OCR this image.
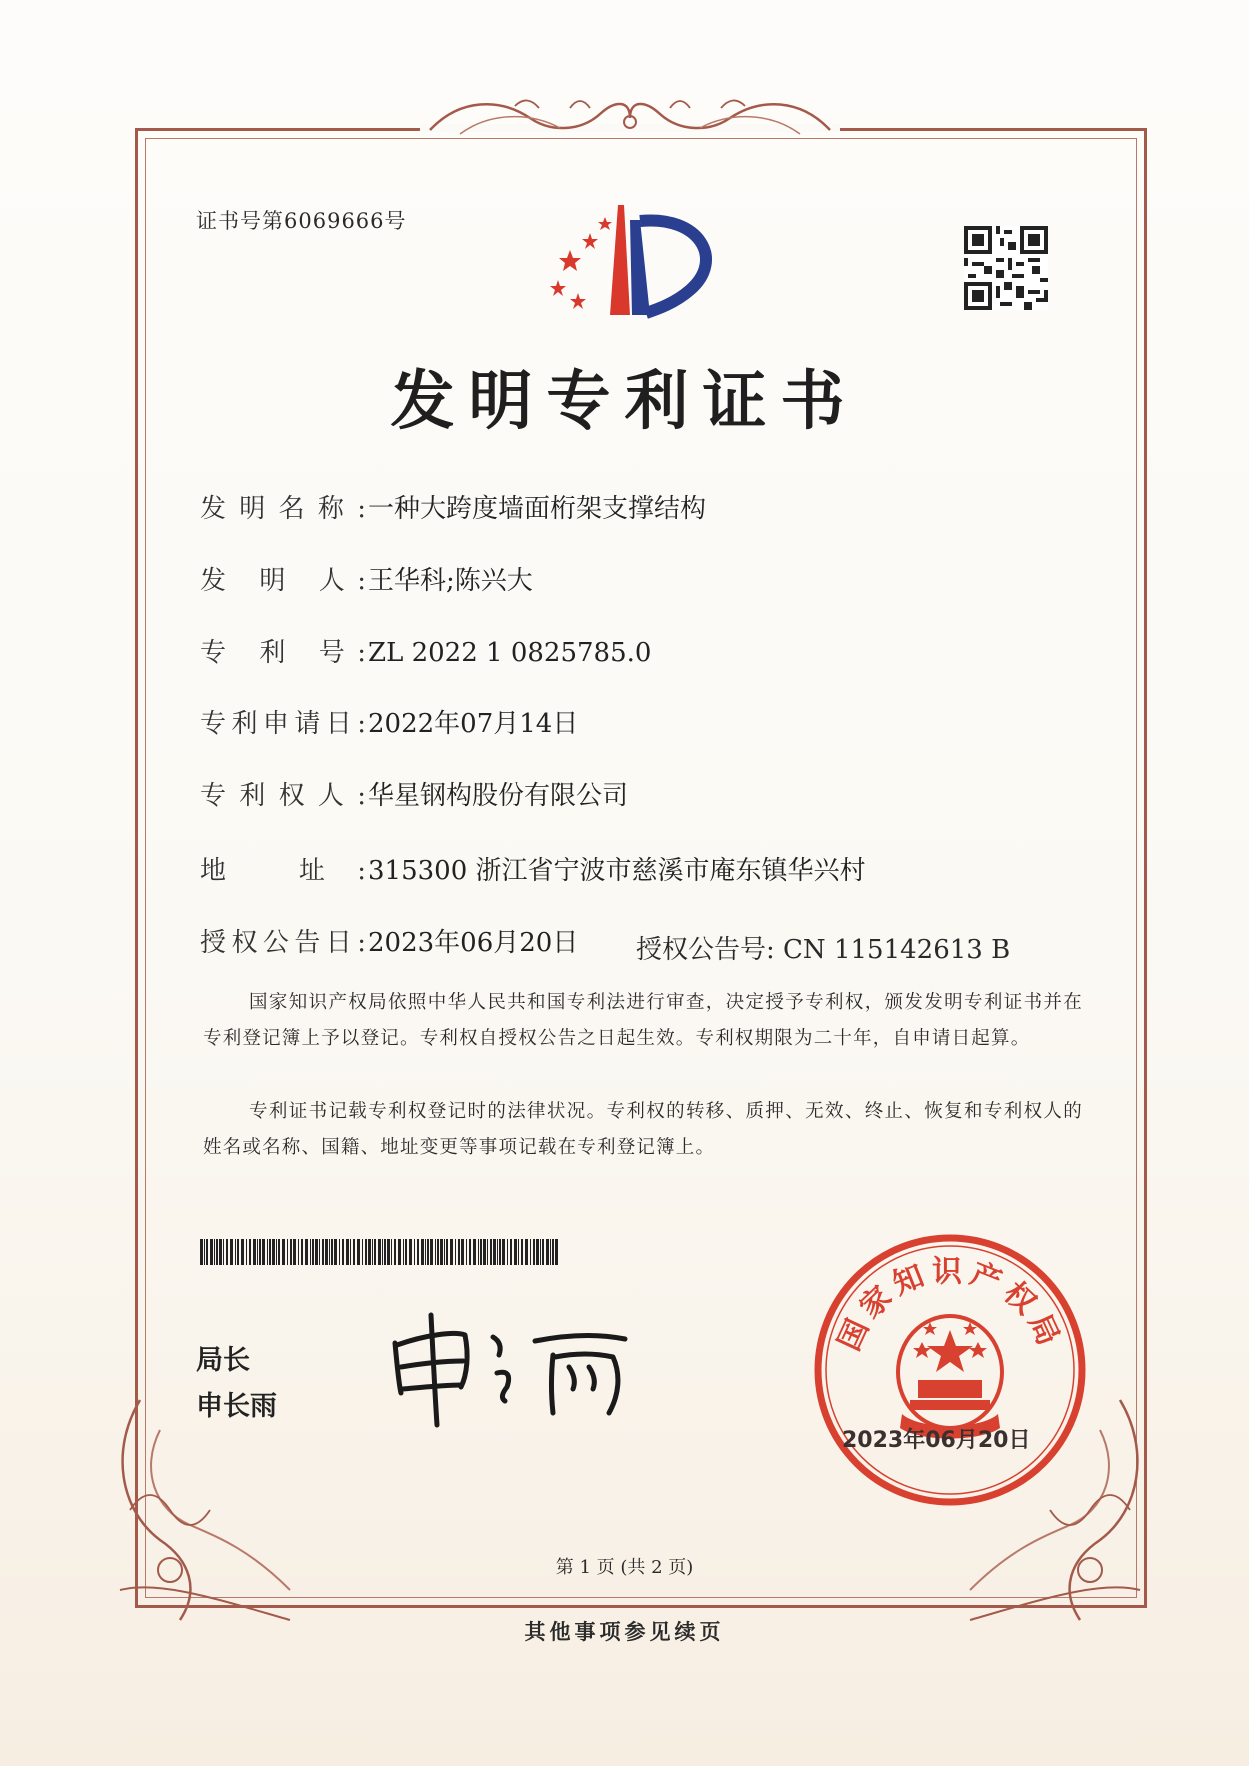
证书号第6069666号
发明专利证书
发明名称:一种大跨度墙面桁架支撑结构
发 明 人:王华科;陈兴大
专 利 号:ZL 2022 1 0825785.0
专利申请日:2022年07月14日
专利权人:华星钢构股份有限公司
地 址:315300 浙江省宁波市慈溪市庵东镇华兴村
授权公告日:2023年06月20日 授权公告号: CN 115142613 B
国家知识产权局依照中华人民共和国专利法进行审查，决定授予专利权，颁发发明专利证书并在专利登记簿上予以登记。专利权自授权公告之日起生效。专利权期限为二十年，自申请日起算。
专利证书记载专利权登记时的法律状况。专利权的转移、质押、无效、终止、恢复和专利权人的姓名或名称、国籍、地址变更等事项记载在专利登记簿上。
局长
申长雨
国家知识产权局
2023年06月20日
第 1 页 (共 2 页)
其他事项参见续页
